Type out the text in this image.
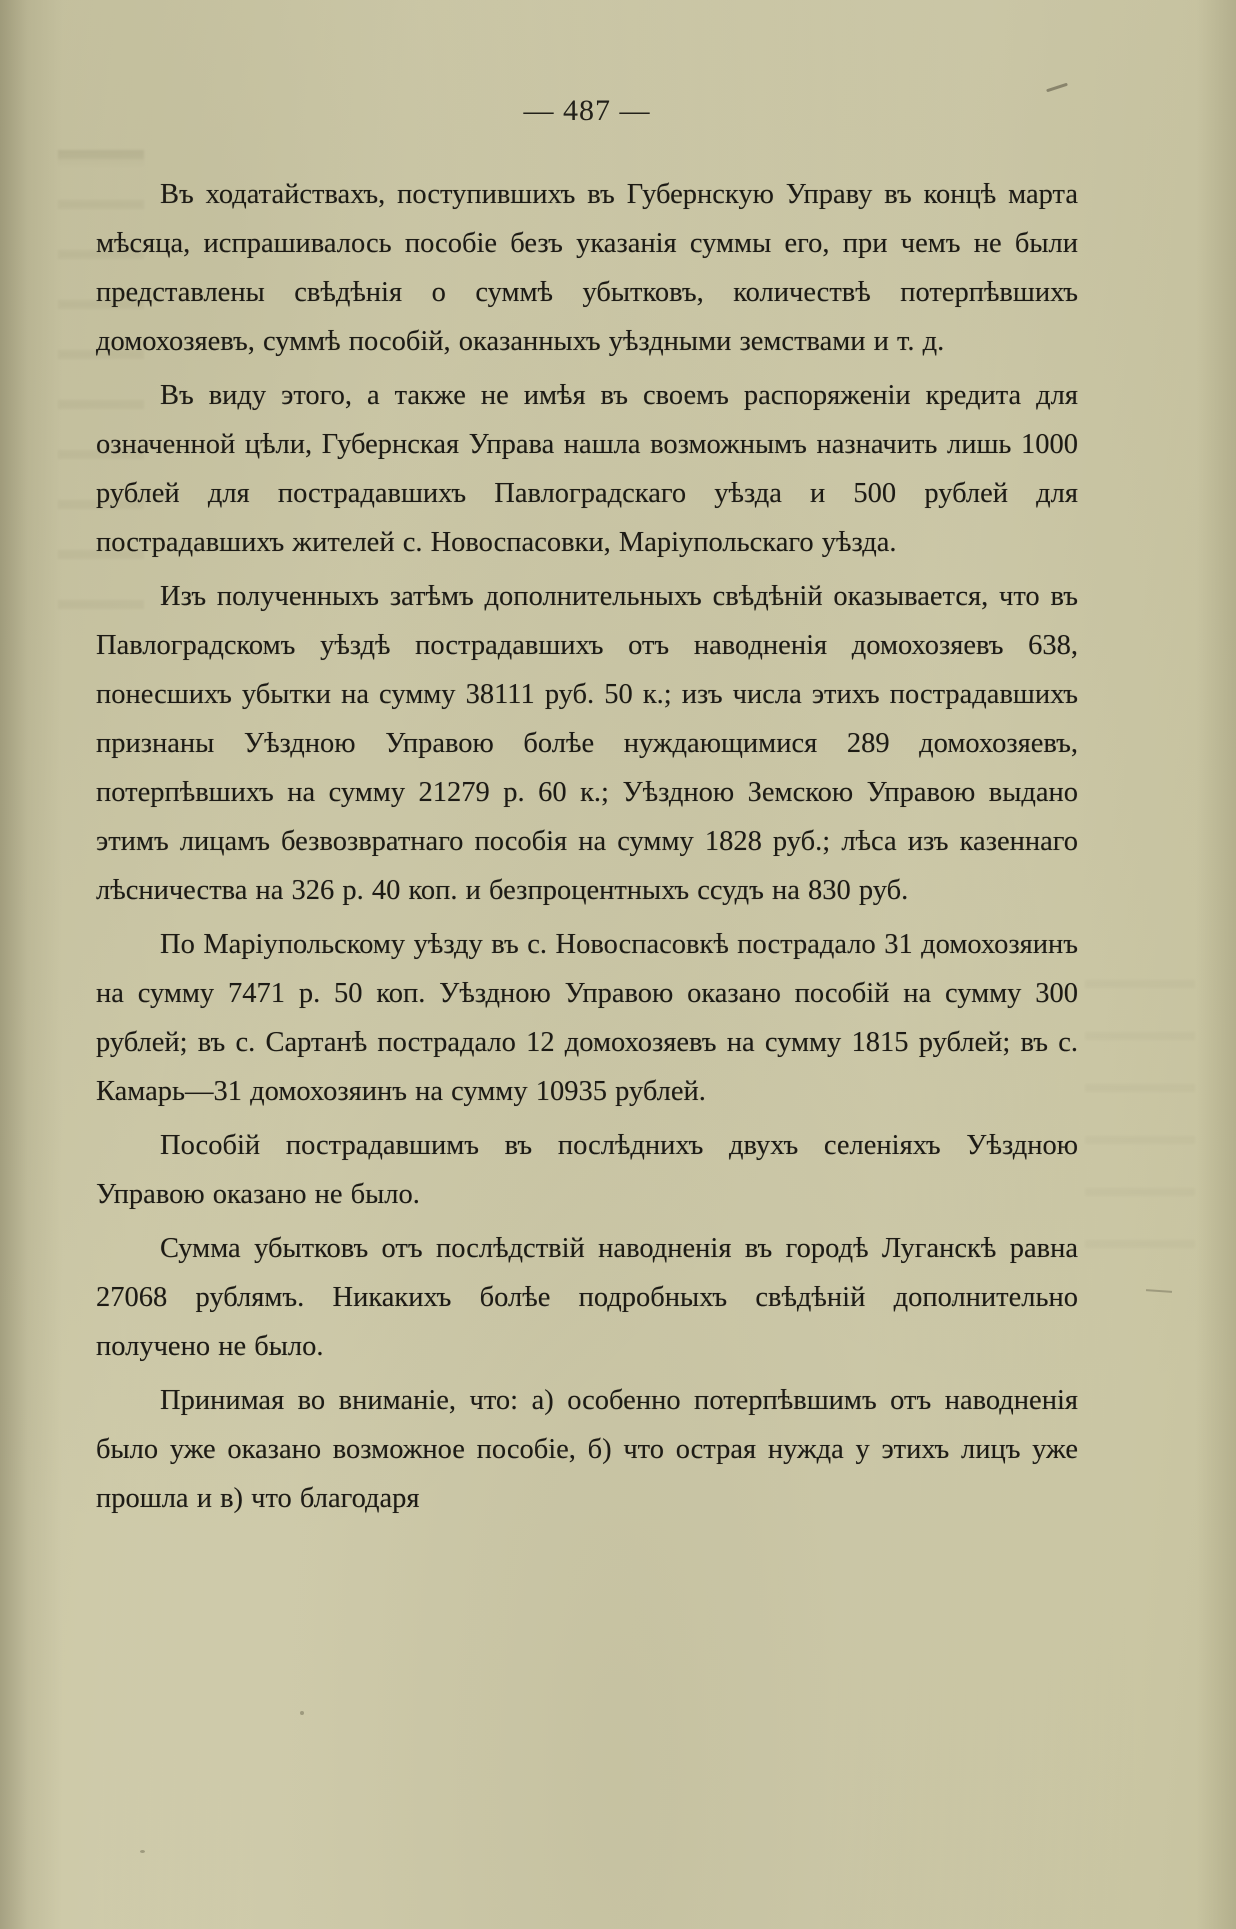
— 487 —

Въ ходатайствахъ, поступившихъ въ Губернскую Управу въ концѣ марта мѣсяца, испрашивалось пособіе безъ указанія суммы его, при чемъ не были представлены свѣдѣнія о суммѣ убытковъ, количествѣ потерпѣвшихъ домохозяевъ, суммѣ пособій, оказанныхъ уѣздными земствами и т. д.

Въ виду этого, а также не имѣя въ своемъ распоряженіи кредита для означенной цѣли, Губернская Управа нашла возможнымъ назначить лишь 1000 рублей для пострадавшихъ Павлоградскаго уѣзда и 500 рублей для пострадавшихъ жителей с. Новоспасовки, Маріупольскаго уѣзда.

Изъ полученныхъ затѣмъ дополнительныхъ свѣдѣній оказывается, что въ Павлоградскомъ уѣздѣ пострадавшихъ отъ наводненія домохозяевъ 638, понесшихъ убытки на сумму 38111 руб. 50 к.; изъ числа этихъ пострадавшихъ признаны Уѣздною Управою болѣе нуждающимися 289 домохозяевъ, потерпѣвшихъ на сумму 21279 р. 60 к.; Уѣздною Земскою Управою выдано этимъ лицамъ безвозвратнаго пособія на сумму 1828 руб.; лѣса изъ казеннаго лѣсничества на 326 р. 40 коп. и безпроцентныхъ ссудъ на 830 руб.

По Маріупольскому уѣзду въ с. Новоспасовкѣ пострадало 31 домохозяинъ на сумму 7471 р. 50 коп. Уѣздною Управою оказано пособій на сумму 300 рублей; въ с. Сартанѣ пострадало 12 домохозяевъ на сумму 1815 рублей; въ с. Камарь—31 домохозяинъ на сумму 10935 рублей.

Пособій пострадавшимъ въ послѣднихъ двухъ селеніяхъ Уѣздною Управою оказано не было.

Сумма убытковъ отъ послѣдствій наводненія въ городѣ Луганскѣ равна 27068 рублямъ. Никакихъ болѣе подробныхъ свѣдѣній дополнительно получено не было.

Принимая во вниманіе, что: а) особенно потерпѣвшимъ отъ наводненія было уже оказано возможное пособіе, б) что острая нужда у этихъ лицъ уже прошла и в) что благодаря
